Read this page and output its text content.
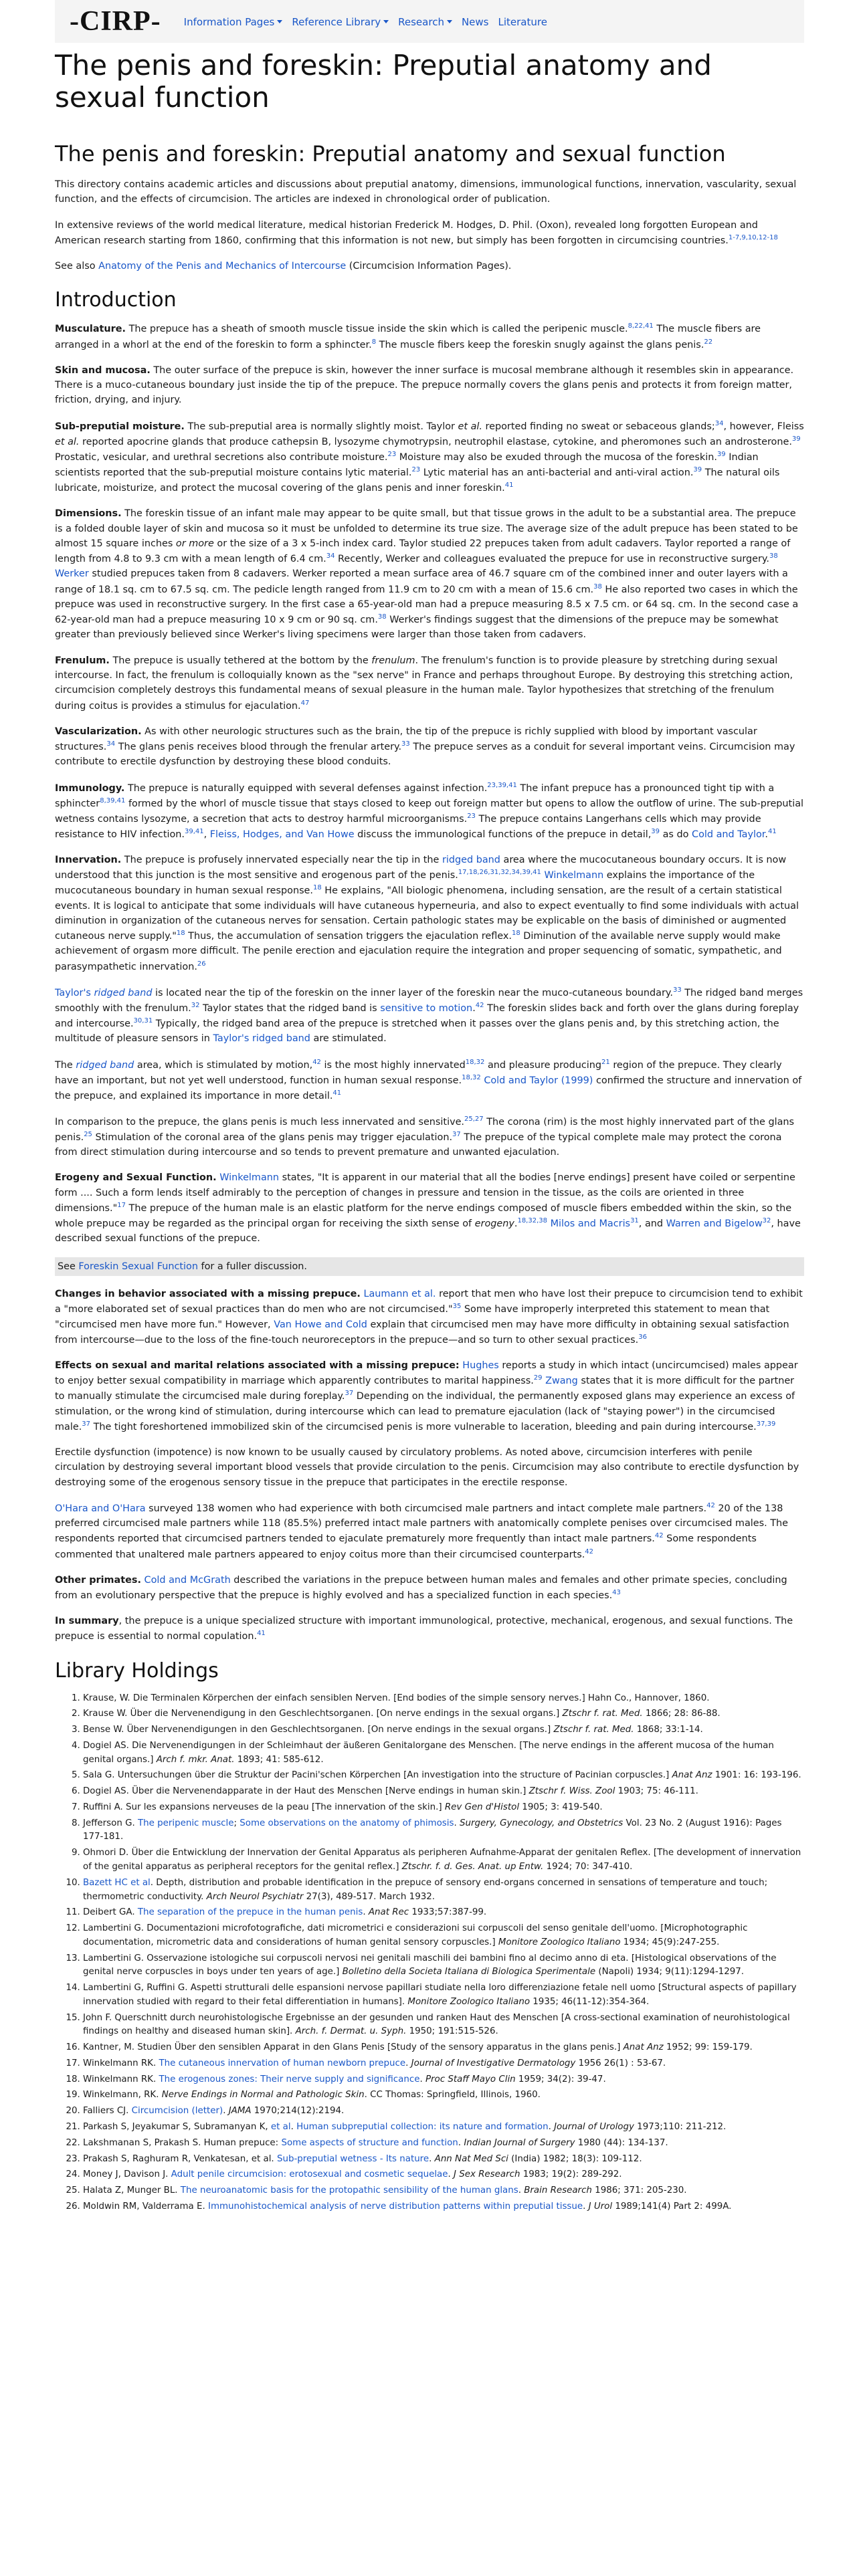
-CIRP- Information Pages Reference Library Research News Literature
The penis and foreskin: Preputial anatomy and sexual function
The penis and foreskin: Preputial anatomy and sexual function

This directory contains academic articles and discussions about preputial anatomy, dimensions, immunological functions, innervation, vascularity, sexual function, and the effects of circumcision. The articles are indexed in chronological order of publication.

In extensive reviews of the world medical literature, medical historian Frederick M. Hodges, D. Phil. (Oxon), revealed long forgotten European and American research starting from 1860, confirming that this information is not new, but simply has been forgotten in circumcising countries.$^{1-7,9,10,12-18}$

See also Anatomy of the Penis and Mechanics of Intercourse (Circumcision Information Pages).

Introduction

Musculature. The prepuce has a sheath of smooth muscle tissue inside the skin which is called the peripenic muscle.$^{8,22,41}$ The muscle fibers are arranged in a whorl at the end of the foreskin to form a sphincter.$^8$ The muscle fibers keep the foreskin snugly against the glans penis.$^{22}$

Skin and mucosa. The outer surface of the prepuce is skin, however the inner surface is mucosal membrane although it resembles skin in appearance. There is a muco-cutaneous boundary just inside the tip of the prepuce. The prepuce normally covers the glans penis and protects it from foreign matter, friction, drying, and injury.

Sub-preputial moisture. The sub-preputial area is normally slightly moist. Taylor et al. reported finding no sweat or sebaceous glands;$^{34}$, however, Fleiss et al. reported apocrine glands that produce cathepsin B, lysozyme chymotrypsin, neutrophil elastase, cytokine, and pheromones such an androsterone.$^{39}$ Prostatic, vesicular, and urethral secretions also contribute moisture.$^{23}$ Moisture may also be exuded through the mucosa of the foreskin.$^{39}$ Indian scientists reported that the sub-preputial moisture contains lytic material.$^{23}$ Lytic material has an anti-bacterial and anti-viral action.$^{39}$ The natural oils lubricate, moisturize, and protect the mucosal covering of the glans penis and inner foreskin.$^{41}$

Dimensions. The foreskin tissue of an infant male may appear to be quite small, but that tissue grows in the adult to be a substantial area. The prepuce is a folded double layer of skin and mucosa so it must be unfolded to determine its true size. The average size of the adult prepuce has been stated to be almost 15 square inches or more or the size of a 3 x 5-inch index card. Taylor studied 22 prepuces taken from adult cadavers. Taylor reported a range of length from 4.8 to 9.3 cm with a mean length of 6.4 cm.$^{34}$ Recently, Werker and colleagues evaluated the prepuce for use in reconstructive surgery.$^{38}$ Werker studied prepuces taken from 8 cadavers. Werker reported a mean surface area of 46.7 square cm of the combined inner and outer layers with a range of 18.1 sq. cm to 67.5 sq. cm. The pedicle length ranged from 11.9 cm to 20 cm with a mean of 15.6 cm.$^{38}$ He also reported two cases in which the prepuce was used in reconstructive surgery. In the first case a 65-year-old man had a prepuce measuring 8.5 x 7.5 cm. or 64 sq. cm. In the second case a 62-year-old man had a prepuce measuring 10 x 9 cm or 90 sq. cm.$^{38}$ Werker's findings suggest that the dimensions of the prepuce may be somewhat greater than previously believed since Werker's living specimens were larger than those taken from cadavers.

Frenulum. The prepuce is usually tethered at the bottom by the frenulum. The frenulum's function is to provide pleasure by stretching during sexual intercourse. In fact, the frenulum is colloquially known as the "sex nerve" in France and perhaps throughout Europe. By destroying this stretching action, circumcision completely destroys this fundamental means of sexual pleasure in the human male. Taylor hypothesizes that stretching of the frenulum during coitus is provides a stimulus for ejaculation.$^{47}$

Vascularization. As with other neurologic structures such as the brain, the tip of the prepuce is richly supplied with blood by important vascular structures.$^{34}$ The glans penis receives blood through the frenular artery.$^{33}$ The prepuce serves as a conduit for several important veins. Circumcision may contribute to erectile dysfunction by destroying these blood conduits.

Immunology. The prepuce is naturally equipped with several defenses against infection.$^{23,39,41}$ The infant prepuce has a pronounced tight tip with a sphincter$^{8,39,41}$ formed by the whorl of muscle tissue that stays closed to keep out foreign matter but opens to allow the outflow of urine. The sub-preputial wetness contains lysozyme, a secretion that acts to destroy harmful microorganisms.$^{23}$ The prepuce contains Langerhans cells which may provide resistance to HIV infection.$^{39,41}$, Fleiss, Hodges, and Van Howe discuss the immunological functions of the prepuce in detail,$^{39}$ as do Cold and Taylor.$^{41}$

Innervation. The prepuce is profusely innervated especially near the tip in the ridged band area where the mucocutaneous boundary occurs. It is now understood that this junction is the most sensitive and erogenous part of the penis.$^{17,18,26,31,32,34,39,41}$ Winkelmann explains the importance of the mucocutaneous boundary in human sexual response.$^{18}$ He explains, "All biologic phenomena, including sensation, are the result of a certain statistical events. It is logical to anticipate that some individuals will have cutaneous hyperneuria, and also to expect eventually to find some individuals with actual diminution in organization of the cutaneous nerves for sensation. Certain pathologic states may be explicable on the basis of diminished or augmented cutaneous nerve supply."$^{18}$ Thus, the accumulation of sensation triggers the ejaculation reflex.$^{18}$ Diminution of the available nerve supply would make achievement of orgasm more difficult. The penile erection and ejaculation require the integration and proper sequencing of somatic, sympathetic, and parasympathetic innervation.$^{26}$

Taylor's ridged band is located near the tip of the foreskin on the inner layer of the foreskin near the muco-cutaneous boundary.$^{33}$ The ridged band merges smoothly with the frenulum.$^{32}$ Taylor states that the ridged band is sensitive to motion.$^{42}$ The foreskin slides back and forth over the glans during foreplay and intercourse.$^{30,31}$ Typically, the ridged band area of the prepuce is stretched when it passes over the glans penis and, by this stretching action, the multitude of pleasure sensors in Taylor's ridged band are stimulated.

The ridged band area, which is stimulated by motion,$^{42}$ is the most highly innervated$^{18,32}$ and pleasure producing$^{21}$ region of the prepuce. They clearly have an important, but not yet well understood, function in human sexual response.$^{18,32}$ Cold and Taylor (1999) confirmed the structure and innervation of the prepuce, and explained its importance in more detail.$^{41}$

In comparison to the prepuce, the glans penis is much less innervated and sensitive.$^{25,27}$ The corona (rim) is the most highly innervated part of the glans penis.$^{25}$ Stimulation of the coronal area of the glans penis may trigger ejaculation.$^{37}$ The prepuce of the typical complete male may protect the corona from direct stimulation during intercourse and so tends to prevent premature and unwanted ejaculation.

Erogeny and Sexual Function. Winkelmann states, "It is apparent in our material that all the bodies [nerve endings] present have coiled or serpentine form .... Such a form lends itself admirably to the perception of changes in pressure and tension in the tissue, as the coils are oriented in three dimensions."$^{17}$ The prepuce of the human male is an elastic platform for the nerve endings composed of muscle fibers embedded within the skin, so the whole prepuce may be regarded as the principal organ for receiving the sixth sense of erogeny.$^{18,32,38}$ Milos and Macris$^{31}$, and Warren and Bigelow$^{32}$, have described sexual functions of the prepuce.

See Foreskin Sexual Function for a fuller discussion.

Changes in behavior associated with a missing prepuce. Laumann et al. report that men who have lost their prepuce to circumcision tend to exhibit a "more elaborated set of sexual practices than do men who are not circumcised."$^{35}$ Some have improperly interpreted this statement to mean that "circumcised men have more fun." However, Van Howe and Cold explain that circumcised men may have more difficulty in obtaining sexual satisfaction from intercourse—due to the loss of the fine-touch neuroreceptors in the prepuce—and so turn to other sexual practices.$^{36}$

Effects on sexual and marital relations associated with a missing prepuce: Hughes reports a study in which intact (uncircumcised) males appear to enjoy better sexual compatibility in marriage which apparently contributes to marital happiness.$^{29}$ Zwang states that it is more difficult for the partner to manually stimulate the circumcised male during foreplay.$^{37}$ Depending on the individual, the permanently exposed glans may experience an excess of stimulation, or the wrong kind of stimulation, during intercourse which can lead to premature ejaculation (lack of "staying power") in the circumcised male.$^{37}$ The tight foreshortened immobilized skin of the circumcised penis is more vulnerable to laceration, bleeding and pain during intercourse.$^{37,39}$

Erectile dysfunction (impotence) is now known to be usually caused by circulatory problems. As noted above, circumcision interferes with penile circulation by destroying several important blood vessels that provide circulation to the penis. Circumcision may also contribute to erectile dysfunction by destroying some of the erogenous sensory tissue in the prepuce that participates in the erectile response.

O'Hara and O'Hara surveyed 138 women who had experience with both circumcised male partners and intact complete male partners.$^{42}$ 20 of the 138 preferred circumcised male partners while 118 (85.5%) preferred intact male partners with anatomically complete penises over circumcised males. The respondents reported that circumcised partners tended to ejaculate prematurely more frequently than intact male partners.$^{42}$ Some respondents commented that unaltered male partners appeared to enjoy coitus more than their circumcised counterparts.$^{42}$

Other primates. Cold and McGrath described the variations in the prepuce between human males and females and other primate species, concluding from an evolutionary perspective that the prepuce is highly evolved and has a specialized function in each species.$^{43}$

In summary, the prepuce is a unique specialized structure with important immunological, protective, mechanical, erogenous, and sexual functions. The prepuce is essential to normal copulation.$^{41}$

Library Holdings
1. Krause, W. Die Terminalen Körperchen der einfach sensiblen Nerven. [End bodies of the simple sensory nerves.] Hahn Co., Hannover, 1860.
2. Krause W. Über die Nervenendigung in den Geschlechtsorganen. [On nerve endings in the sexual organs.] Ztschr f. rat. Med. 1866; 28: 86-88.
3. Bense W. Über Nervenendigungen in den Geschlechtsorganen. [On nerve endings in the sexual organs.] Ztschr f. rat. Med. 1868; 33:1-14.
4. Dogiel AS. Die Nervenendigungen in der Schleimhaut der äußeren Genitalorgane des Menschen. [The nerve endings in the afferent mucosa of the human genital organs.] Arch f. mkr. Anat. 1893; 41: 585-612.
5. Sala G. Untersuchungen über die Struktur der Pacini'schen Körperchen [An investigation into the structure of Pacinian corpuscles.] Anat Anz 1901: 16: 193-196.
6. Dogiel AS. Über die Nervenendapparate in der Haut des Menschen [Nerve endings in human skin.] Ztschr f. Wiss. Zool 1903; 75: 46-111.
7. Ruffini A. Sur les expansions nerveuses de la peau [The innervation of the skin.] Rev Gen d'Histol 1905; 3: 419-540.
8. Jefferson G. The peripenic muscle; Some observations on the anatomy of phimosis. Surgery, Gynecology, and Obstetrics Vol. 23 No. 2 (August 1916): Pages 177-181.
9. Ohmori D. Über die Entwicklung der Innervation der Genital Apparatus als peripheren Aufnahme-Apparat der genitalen Reflex. [The development of innervation of the genital apparatus as peripheral receptors for the genital reflex.] Ztschr. f. d. Ges. Anat. up Entw. 1924; 70: 347-410.
10. Bazett HC et al. Depth, distribution and probable identification in the prepuce of sensory end-organs concerned in sensations of temperature and touch; thermometric conductivity. Arch Neurol Psychiatr 27(3), 489-517. March 1932.
11. Deibert GA. The separation of the prepuce in the human penis. Anat Rec 1933;57:387-99.
12. Lambertini G. Documentazioni microfotografiche, dati micrometrici e considerazioni sui corpuscoli del senso genitale dell'uomo. [Microphotographic documentation, micrometric data and considerations of human genital sensory corpuscles.] Monitore Zoologico Italiano 1934; 45(9):247-255.
13. Lambertini G. Osservazione istologiche sui corpuscoli nervosi nei genitali maschili dei bambini fino al decimo anno di eta. [Histological observations of the genital nerve corpuscles in boys under ten years of age.] Bolletino della Societa Italiana di Biologica Sperimentale (Napoli) 1934; 9(11):1294-1297.
14. Lambertini G, Ruffini G. Aspetti strutturali delle espansioni nervose papillari studiate nella loro differenziazione fetale nell uomo [Structural aspects of papillary innervation studied with regard to their fetal differentiation in humans]. Monitore Zoologico Italiano 1935; 46(11-12):354-364.
15. John F. Querschnitt durch neurohistologische Ergebnisse an der gesunden und ranken Haut des Menschen [A cross-sectional examination of neurohistological findings on healthy and diseased human skin]. Arch. f. Dermat. u. Syph. 1950; 191:515-526.
16. Kantner, M. Studien Über den sensiblen Apparat in den Glans Penis [Study of the sensory apparatus in the glans penis.] Anat Anz 1952; 99: 159-179.
17. Winkelmann RK. The cutaneous innervation of human newborn prepuce. Journal of Investigative Dermatology 1956 26(1) : 53-67.
18. Winkelmann RK. The erogenous zones: Their nerve supply and significance. Proc Staff Mayo Clin 1959; 34(2): 39-47.
19. Winkelmann, RK. Nerve Endings in Normal and Pathologic Skin. CC Thomas: Springfield, Illinois, 1960.
20. Falliers CJ. Circumcision (letter). JAMA 1970;214(12):2194.
21. Parkash S, Jeyakumar S, Subramanyan K, et al. Human subpreputial collection: its nature and formation. Journal of Urology 1973;110: 211-212.
22. Lakshmanan S, Prakash S. Human prepuce: Some aspects of structure and function. Indian Journal of Surgery 1980 (44): 134-137.
23. Prakash S, Raghuram R, Venkatesan, et al. Sub-preputial wetness - Its nature. Ann Nat Med Sci (India) 1982; 18(3): 109-112.
24. Money J, Davison J. Adult penile circumcision: erotosexual and cosmetic sequelae. J Sex Research 1983; 19(2): 289-292.
25. Halata Z, Munger BL. The neuroanatomic basis for the protopathic sensibility of the human glans. Brain Research 1986; 371: 205-230.
26. Moldwin RM, Valderrama E. Immunohistochemical analysis of nerve distribution patterns within preputial tissue. J Urol 1989;141(4) Part 2: 499A.
